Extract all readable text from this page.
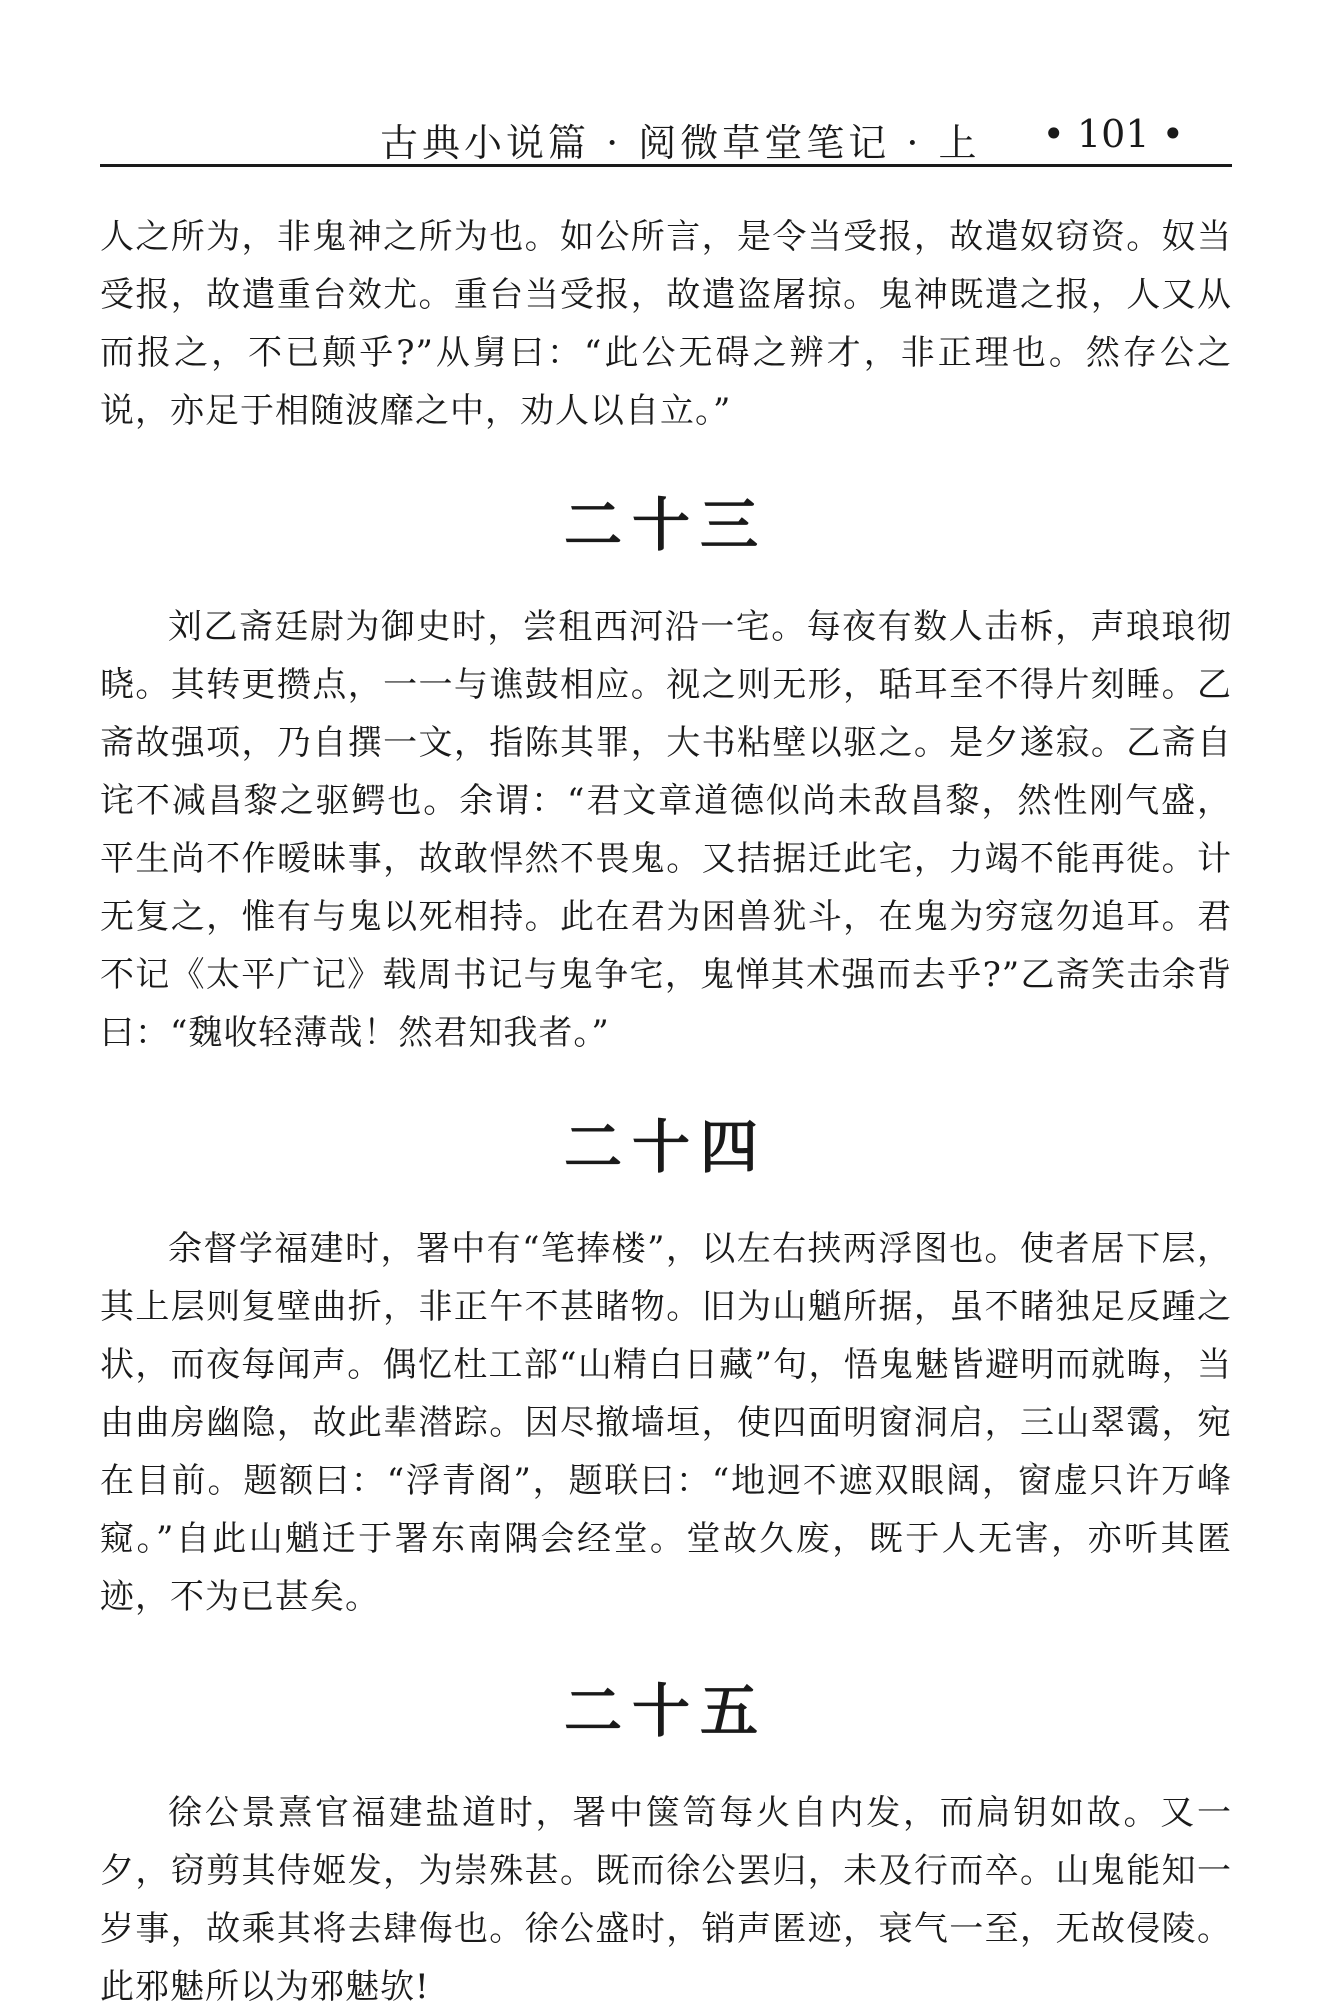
古典小说篇 · 阅微草堂笔记 · 上 • 101 •

人之所为，非鬼神之所为也。如公所言，是令当受报，故遣奴窃资。奴当受报，故遣重台效尤。重台当受报，故遣盗屠掠。鬼神既遣之报，人又从而报之，不已颠乎?”从舅曰：“此公无碍之辨才，非正理也。然存公之说，亦足于相随波靡之中，劝人以自立。”

二十三

刘乙斋廷尉为御史时，尝租西河沿一宅。每夜有数人击柝，声琅琅彻晓。其转更攒点，一一与谯鼓相应。视之则无形，聒耳至不得片刻睡。乙斋故强项，乃自撰一文，指陈其罪，大书粘壁以驱之。是夕遂寂。乙斋自诧不减昌黎之驱鳄也。余谓：“君文章道德似尚未敌昌黎，然性刚气盛，平生尚不作暧昧事，故敢悍然不畏鬼。又拮据迁此宅，力竭不能再徙。计无复之，惟有与鬼以死相持。此在君为困兽犹斗，在鬼为穷寇勿追耳。君不记《太平广记》载周书记与鬼争宅，鬼惮其术强而去乎?”乙斋笑击余背曰：“魏收轻薄哉！然君知我者。”

二十四

余督学福建时，署中有“笔捧楼”，以左右挟两浮图也。使者居下层，其上层则复壁曲折，非正午不甚睹物。旧为山魈所据，虽不睹独足反踵之状，而夜每闻声。偶忆杜工部“山精白日藏”句，悟鬼魅皆避明而就晦，当由曲房幽隐，故此辈潜踪。因尽撤墙垣，使四面明窗洞启，三山翠霭，宛在目前。题额曰：“浮青阁”，题联曰：“地迥不遮双眼阔，窗虚只许万峰窥。”自此山魈迁于署东南隅会经堂。堂故久废，既于人无害，亦听其匿迹，不为已甚矣。

二十五

徐公景熹官福建盐道时，署中箧笥每火自内发，而扃钥如故。又一夕，窃剪其侍姬发，为崇殊甚。既而徐公罢归，未及行而卒。山鬼能知一岁事，故乘其将去肆侮也。徐公盛时，销声匿迹，衰气一至，无故侵陵。此邪魅所以为邪魅欤!
